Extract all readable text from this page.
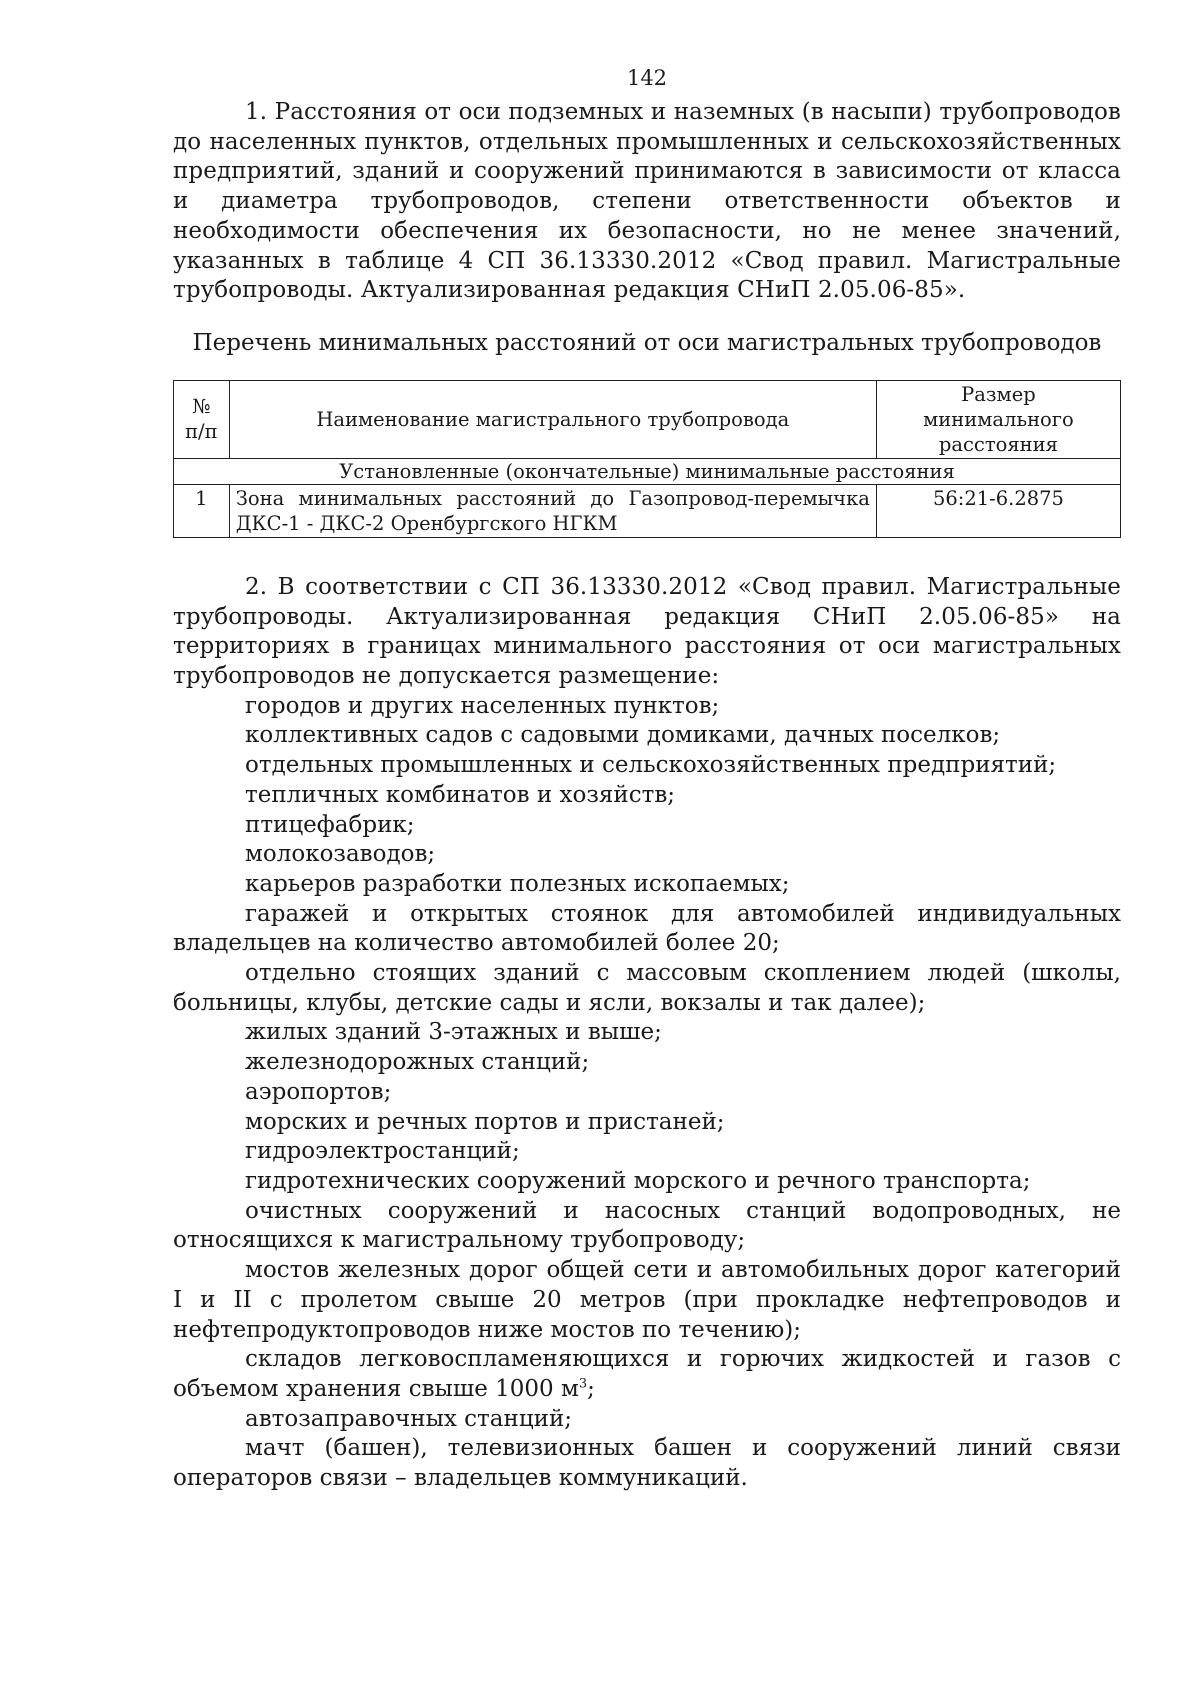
142

1. Расстояния от оси подземных и наземных (в насыпи) трубопроводов до населенных пунктов, отдельных промышленных и сельскохозяйственных предприятий, зданий и сооружений принимаются в зависимости от класса и диаметра трубопроводов, степени ответственности объектов и необходимости обеспечения их безопасности, но не менее значений, указанных в таблице 4 СП 36.13330.2012 «Свод правил. Магистральные трубопроводы. Актуализированная редакция СНиП 2.05.06-85».

Перечень минимальных расстояний от оси магистральных трубопроводов
№ п/п	Наименование магистрального трубопровода	Размер минимального расстояния
Установленные (окончательные) минимальные расстояния		
1	Зона минимальных расстояний до Газопровод-перемычка ДКС-1 - ДКС-2 Оренбургского НГКМ	56:21-6.2875

2. В соответствии с СП 36.13330.2012 «Свод правил. Магистральные трубопроводы. Актуализированная редакция СНиП 2.05.06-85» на территориях в границах минимального расстояния от оси магистральных трубопроводов не допускается размещение:

городов и других населенных пунктов;

коллективных садов с садовыми домиками, дачных поселков;

отдельных промышленных и сельскохозяйственных предприятий;

тепличных комбинатов и хозяйств;

птицефабрик;

молокозаводов;

карьеров разработки полезных ископаемых;

гаражей и открытых стоянок для автомобилей индивидуальных владельцев на количество автомобилей более 20;

отдельно стоящих зданий с массовым скоплением людей (школы, больницы, клубы, детские сады и ясли, вокзалы и так далее);

жилых зданий 3-этажных и выше;

железнодорожных станций;

аэропортов;

морских и речных портов и пристаней;

гидроэлектростанций;

гидротехнических сооружений морского и речного транспорта;

очистных сооружений и насосных станций водопроводных, не относящихся к магистральному трубопроводу;

мостов железных дорог общей сети и автомобильных дорог категорий I и II с пролетом свыше 20 метров (при прокладке нефтепроводов и нефтепродуктопроводов ниже мостов по течению);

складов легковоспламеняющихся и горючих жидкостей и газов с объемом хранения свыше 1000 $м^3$;

автозаправочных станций;

мачт (башен), телевизионных башен и сооружений линий связи операторов связи – владельцев коммуникаций.
